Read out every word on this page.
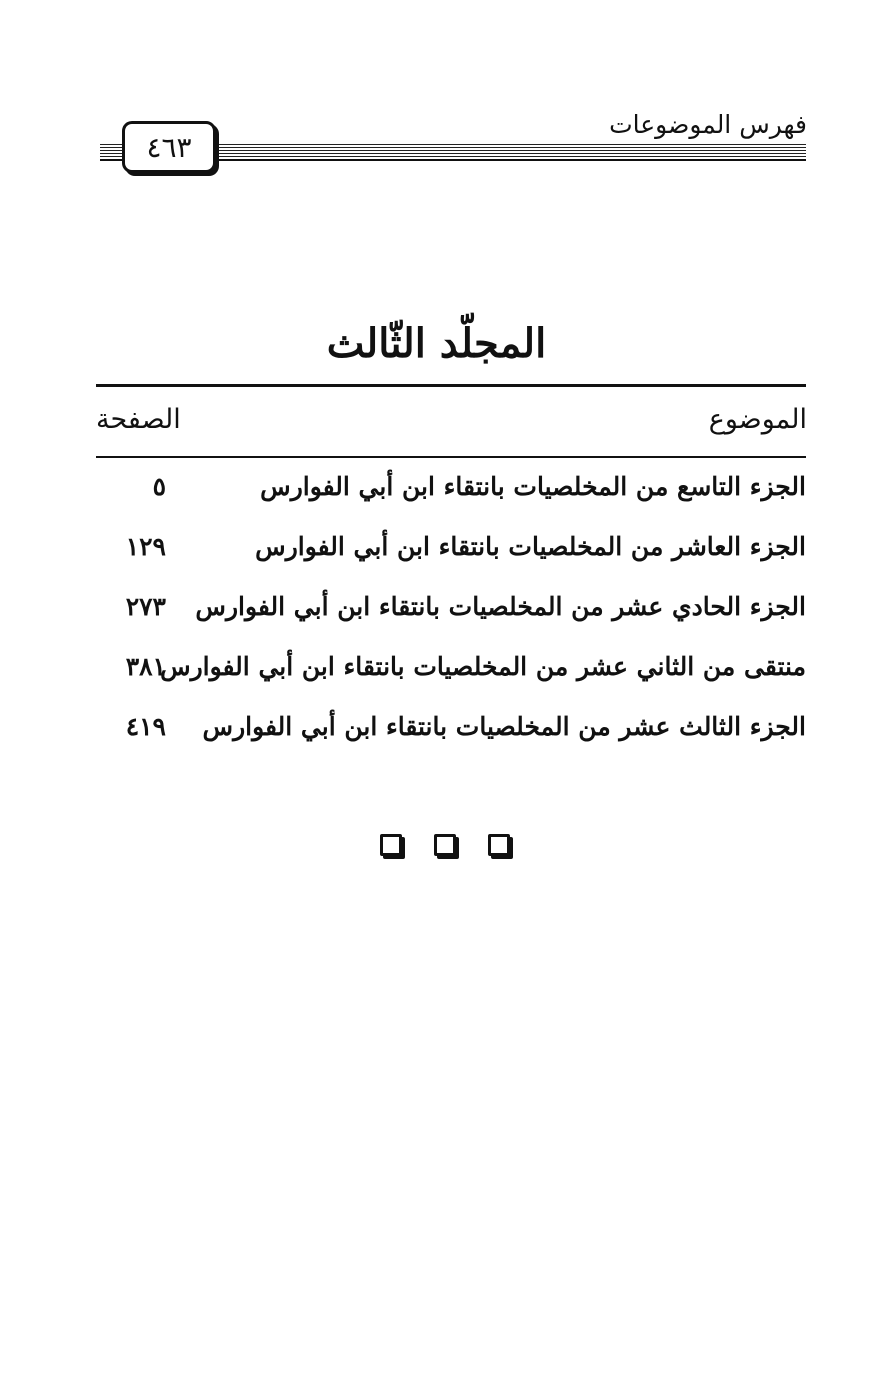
فهرس الموضوعات
٤٦٣
المجلّد الثّالث
الموضوع
الصفحة
الجزء التاسع من المخلصيات بانتقاء ابن أبي الفوارس
٥
الجزء العاشر من المخلصيات بانتقاء ابن أبي الفوارس
١٢٩
الجزء الحادي عشر من المخلصيات بانتقاء ابن أبي الفوارس
٢٧٣
منتقى من الثاني عشر من المخلصيات بانتقاء ابن أبي الفوارس
٣٨١
الجزء الثالث عشر من المخلصيات بانتقاء ابن أبي الفوارس
٤١٩
